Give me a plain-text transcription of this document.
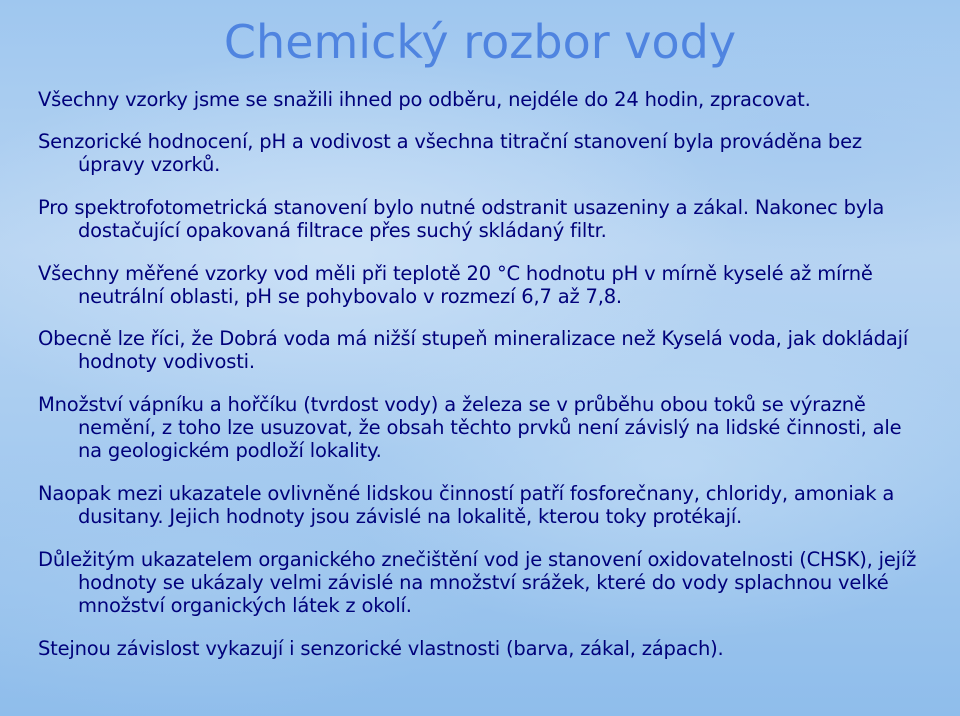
Chemický rozbor vody

Všechny vzorky jsme se snažili ihned po odběru, nejdéle do 24 hodin, zpracovat.

Senzorické hodnocení, pH a vodivost a všechna titrační stanovení byla prováděna bez úpravy vzorků.

Pro spektrofotometrická stanovení bylo nutné odstranit usazeniny a zákal. Nakonec byla dostačující opakovaná filtrace přes suchý skládaný filtr.

Všechny měřené vzorky vod měli při teplotě 20 °C hodnotu pH v mírně kyselé až mírně neutrální oblasti, pH se pohybovalo v rozmezí 6,7 až 7,8.

Obecně lze říci, že Dobrá voda má nižší stupeň mineralizace než Kyselá voda, jak dokládají hodnoty vodivosti.

Množství vápníku a hořčíku (tvrdost vody) a železa se v průběhu obou toků se výrazně nemění, z toho lze usuzovat, že obsah těchto prvků není závislý na lidské činnosti, ale na geologickém podloží lokality.

Naopak mezi ukazatele ovlivněné lidskou činností patří fosforečnany, chloridy, amoniak a dusitany. Jejich hodnoty jsou závislé na lokalitě, kterou toky protékají.

Důležitým ukazatelem organického znečištění vod je stanovení oxidovatelnosti (CHSK), jejíž hodnoty se ukázaly velmi závislé na množství srážek, které do vody splachnou velké množství organických látek z okolí.

Stejnou závislost vykazují i senzorické vlastnosti (barva, zákal, zápach).
